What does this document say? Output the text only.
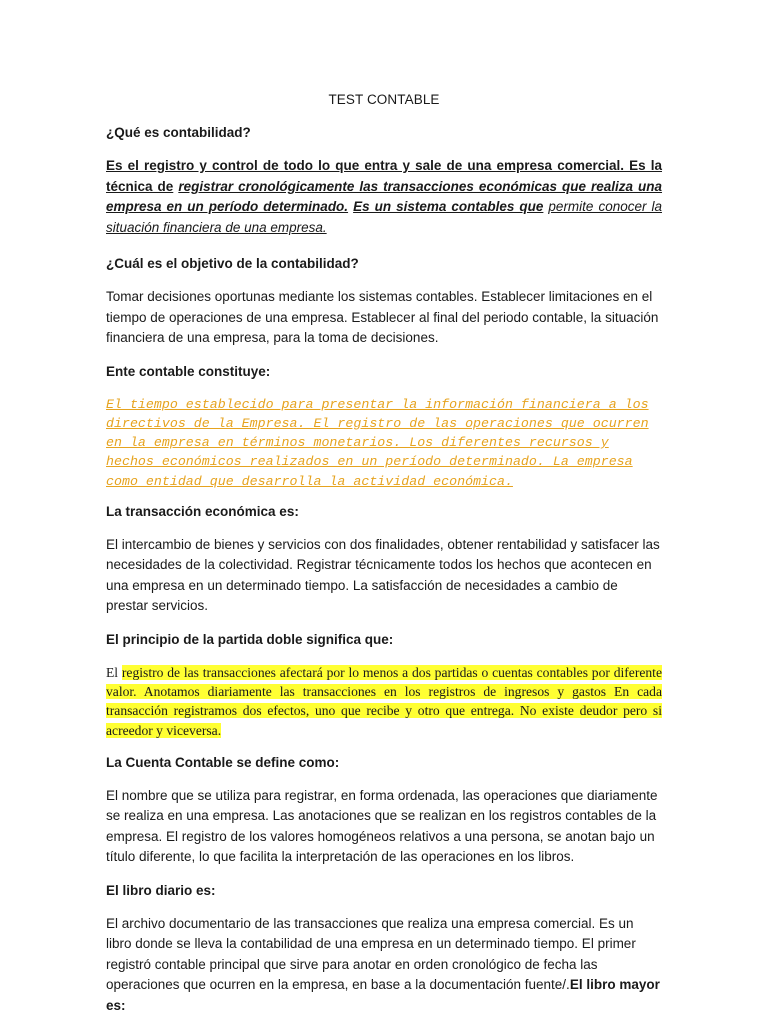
TEST CONTABLE
¿Qué es contabilidad?
Es el registro y control de todo lo que entra y sale de una empresa comercial. Es la técnica de registrar cronológicamente las transacciones económicas que realiza una empresa en un período determinado. Es un sistema contables que permite conocer la situación financiera de una empresa.
¿Cuál es el objetivo de la contabilidad?
Tomar decisiones oportunas mediante los sistemas contables. Establecer limitaciones en el tiempo de operaciones de una empresa. Establecer al final del periodo contable, la situación financiera de una empresa, para la toma de decisiones.
Ente contable constituye:
El tiempo establecido para presentar la información financiera a los directivos de la Empresa. El registro de las operaciones que ocurren en la empresa en términos monetarios. Los diferentes recursos y hechos económicos realizados en un período determinado. La empresa como entidad que desarrolla la actividad económica.
La transacción económica es:
El intercambio de bienes y servicios con dos finalidades, obtener rentabilidad y satisfacer las necesidades de la colectividad. Registrar técnicamente todos los hechos que acontecen en una empresa en un determinado tiempo. La satisfacción de necesidades a cambio de prestar servicios.
El principio de la partida doble significa que:
El registro de las transacciones afectará por lo menos a dos partidas o cuentas contables por diferente valor. Anotamos diariamente las transacciones en los registros de ingresos y gastos En cada transacción registramos dos efectos, uno que recibe y otro que entrega. No existe deudor pero si acreedor y viceversa.
La Cuenta Contable se define como:
El nombre que se utiliza para registrar, en forma ordenada, las operaciones que diariamente se realiza en una empresa. Las anotaciones que se realizan en los registros contables de la empresa. El registro de los valores homogéneos relativos a una persona, se anotan bajo un título diferente, lo que facilita la interpretación de las operaciones en los libros.
El libro diario es:
El archivo documentario de las transacciones que realiza una empresa comercial. Es un libro donde se lleva la contabilidad de una empresa en un determinado tiempo. El primer registró contable principal que sirve para anotar en orden cronológico de fecha las operaciones que ocurren en la empresa, en base a la documentación fuente/.El libro mayor es:
